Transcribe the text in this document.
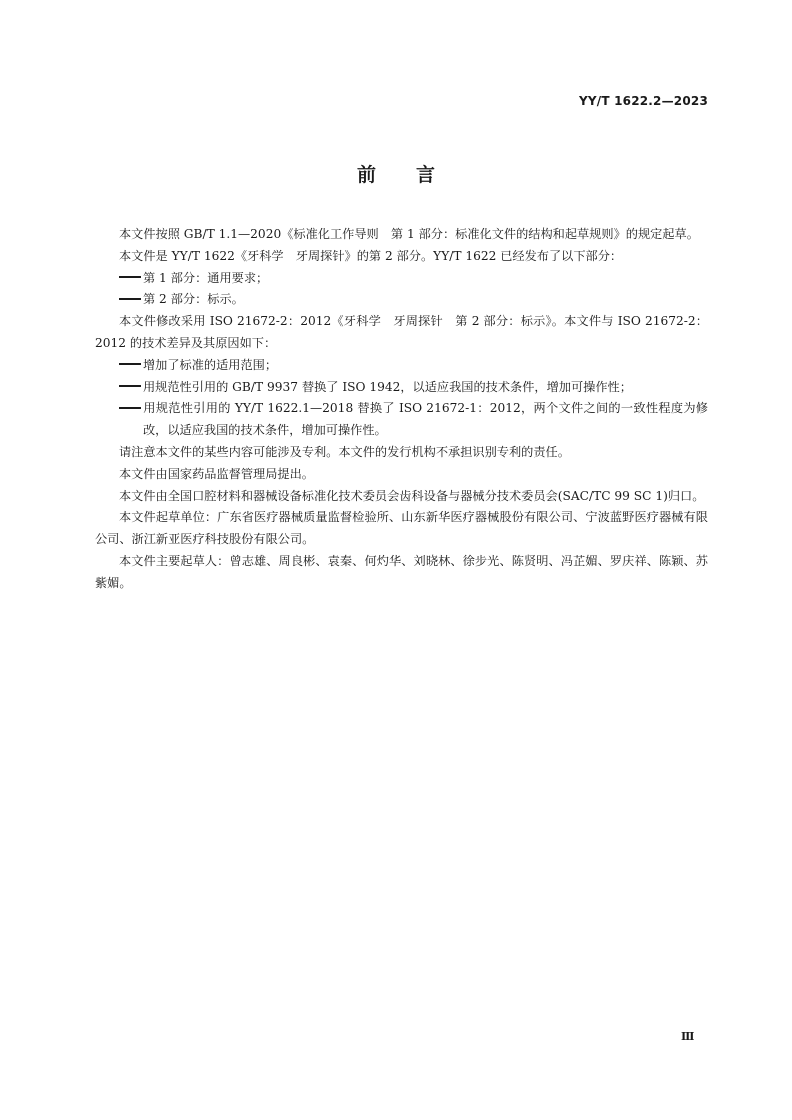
YY/T 1622.2—2023
前言

本文件按照 GB/T 1.1—2020《标准化工作导则　第 1 部分：标准化文件的结构和起草规则》的规定起草。

本文件是 YY/T 1622《牙科学　牙周探针》的第 2 部分。YY/T 1622 已经发布了以下部分：

第 1 部分：通用要求；

第 2 部分：标示。

本文件修改采用 ISO 21672-2：2012《牙科学　牙周探针　第 2 部分：标示》。本文件与 ISO 21672-2：2012 的技术差异及其原因如下：

增加了标准的适用范围；

用规范性引用的 GB/T 9937 替换了 ISO 1942，以适应我国的技术条件，增加可操作性；

用规范性引用的 YY/T 1622.1—2018 替换了 ISO 21672-1：2012，两个文件之间的一致性程度为修改，以适应我国的技术条件，增加可操作性。

请注意本文件的某些内容可能涉及专利。本文件的发行机构不承担识别专利的责任。

本文件由国家药品监督管理局提出。

本文件由全国口腔材料和器械设备标准化技术委员会齿科设备与器械分技术委员会(SAC/TC 99 SC 1)归口。

本文件起草单位：广东省医疗器械质量监督检验所、山东新华医疗器械股份有限公司、宁波蓝野医疗器械有限公司、浙江新亚医疗科技股份有限公司。

本文件主要起草人：曾志雄、周良彬、袁秦、何灼华、刘晓林、徐步光、陈贤明、冯芷媚、罗庆祥、陈颖、苏紫媚。

Ⅲ
